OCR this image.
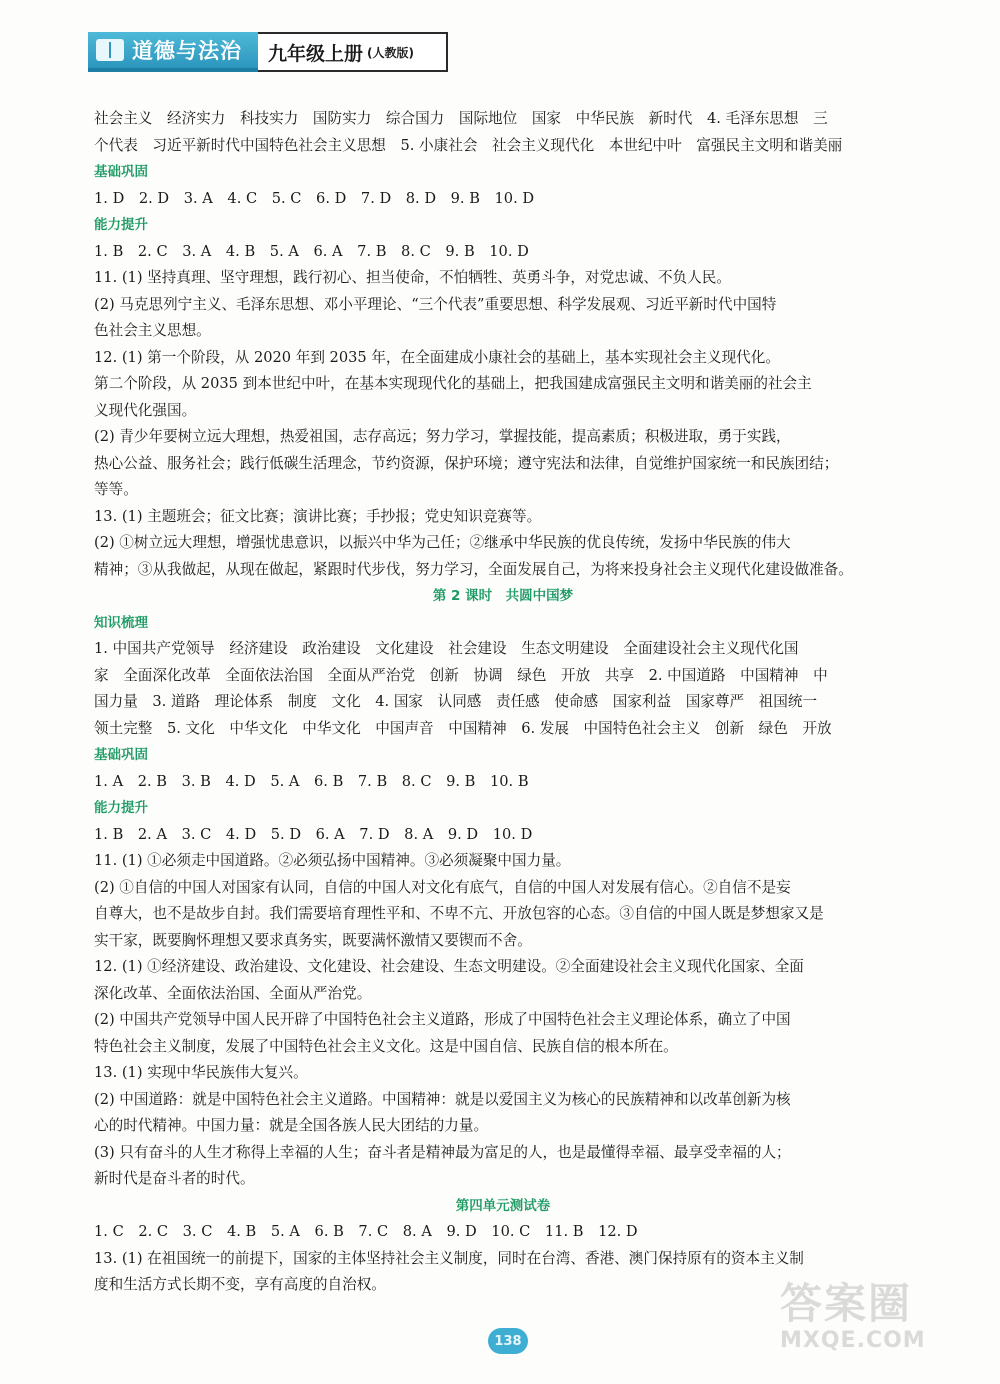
道德与法治 九年级上册 (人教版)
社会主义　经济实力　科技实力　国防实力　综合国力　国际地位　国家　中华民族　新时代　4. 毛泽东思想　三
个代表　习近平新时代中国特色社会主义思想　5. 小康社会　社会主义现代化　本世纪中叶　富强民主文明和谐美丽
基础巩固
1. D　2. D　3. A　4. C　5. C　6. D　7. D　8. D　9. B　10. D
能力提升
1. B　2. C　3. A　4. B　5. A　6. A　7. B　8. C　9. B　10. D
11. (1) 坚持真理、坚守理想，践行初心、担当使命，不怕牺牲、英勇斗争，对党忠诚、不负人民。
(2) 马克思列宁主义、毛泽东思想、邓小平理论、“三个代表”重要思想、科学发展观、习近平新时代中国特
色社会主义思想。
12. (1) 第一个阶段，从 2020 年到 2035 年，在全面建成小康社会的基础上，基本实现社会主义现代化。
第二个阶段，从 2035 到本世纪中叶，在基本实现现代化的基础上，把我国建成富强民主文明和谐美丽的社会主
义现代化强国。
(2) 青少年要树立远大理想，热爱祖国，志存高远；努力学习，掌握技能，提高素质；积极进取，勇于实践，
热心公益、服务社会；践行低碳生活理念，节约资源，保护环境；遵守宪法和法律，自觉维护国家统一和民族团结；
等等。
13. (1) 主题班会；征文比赛；演讲比赛；手抄报；党史知识竞赛等。
(2) ①树立远大理想，增强忧患意识，以振兴中华为己任；②继承中华民族的优良传统，发扬中华民族的伟大
精神；③从我做起，从现在做起，紧跟时代步伐，努力学习，全面发展自己，为将来投身社会主义现代化建设做准备。
第 2 课时　共圆中国梦
知识梳理
1. 中国共产党领导　经济建设　政治建设　文化建设　社会建设　生态文明建设　全面建设社会主义现代化国
家　全面深化改革　全面依法治国　全面从严治党　创新　协调　绿色　开放　共享　2. 中国道路　中国精神　中
国力量　3. 道路　理论体系　制度　文化　4. 国家　认同感　责任感　使命感　国家利益　国家尊严　祖国统一
领土完整　5. 文化　中华文化　中华文化　中国声音　中国精神　6. 发展　中国特色社会主义　创新　绿色　开放
基础巩固
1. A　2. B　3. B　4. D　5. A　6. B　7. B　8. C　9. B　10. B
能力提升
1. B　2. A　3. C　4. D　5. D　6. A　7. D　8. A　9. D　10. D
11. (1) ①必须走中国道路。②必须弘扬中国精神。③必须凝聚中国力量。
(2) ①自信的中国人对国家有认同，自信的中国人对文化有底气，自信的中国人对发展有信心。②自信不是妄
自尊大，也不是故步自封。我们需要培育理性平和、不卑不亢、开放包容的心态。③自信的中国人既是梦想家又是
实干家，既要胸怀理想又要求真务实，既要满怀激情又要锲而不舍。
12. (1) ①经济建设、政治建设、文化建设、社会建设、生态文明建设。②全面建设社会主义现代化国家、全面
深化改革、全面依法治国、全面从严治党。
(2) 中国共产党领导中国人民开辟了中国特色社会主义道路，形成了中国特色社会主义理论体系，确立了中国
特色社会主义制度，发展了中国特色社会主义文化。这是中国自信、民族自信的根本所在。
13. (1) 实现中华民族伟大复兴。
(2) 中国道路：就是中国特色社会主义道路。中国精神：就是以爱国主义为核心的民族精神和以改革创新为核
心的时代精神。中国力量：就是全国各族人民大团结的力量。
(3) 只有奋斗的人生才称得上幸福的人生；奋斗者是精神最为富足的人，也是最懂得幸福、最享受幸福的人；
新时代是奋斗者的时代。
第四单元测试卷
1. C　2. C　3. C　4. B　5. A　6. B　7. C　8. A　9. D　10. C　11. B　12. D
13. (1) 在祖国统一的前提下，国家的主体坚持社会主义制度，同时在台湾、香港、澳门保持原有的资本主义制
度和生活方式长期不变，享有高度的自治权。
138
答案圈
MXQE.COM
